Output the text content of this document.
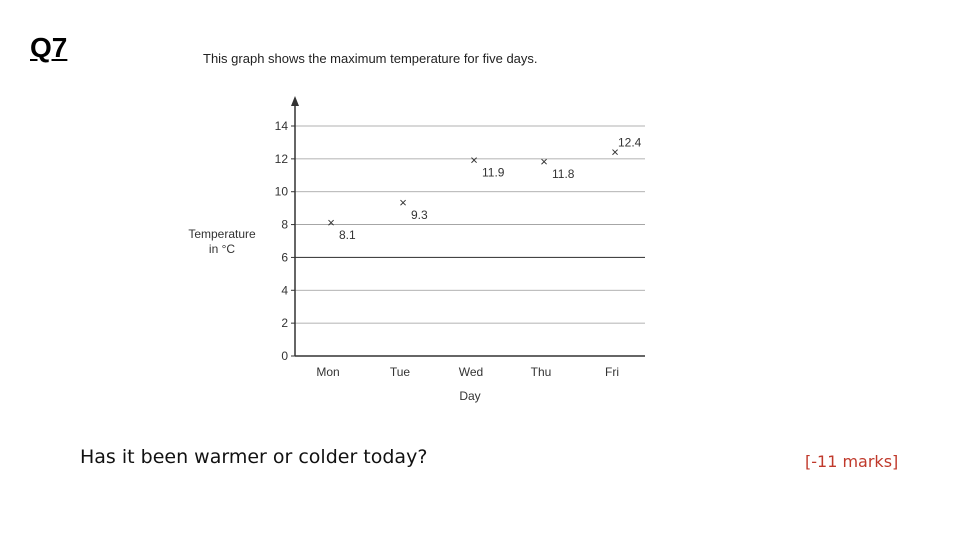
Q7	This graph shows the maximum temperature for five days.
0
2
4
6
8
10
12
14
Mon	Tue	Wed	Thu	Fri
×
×
×	×
×
Day
Temperature in °C
8.1
9.3
11.9	11.8
12.4
Has it been warmer or colder today?	[-11 marks]
